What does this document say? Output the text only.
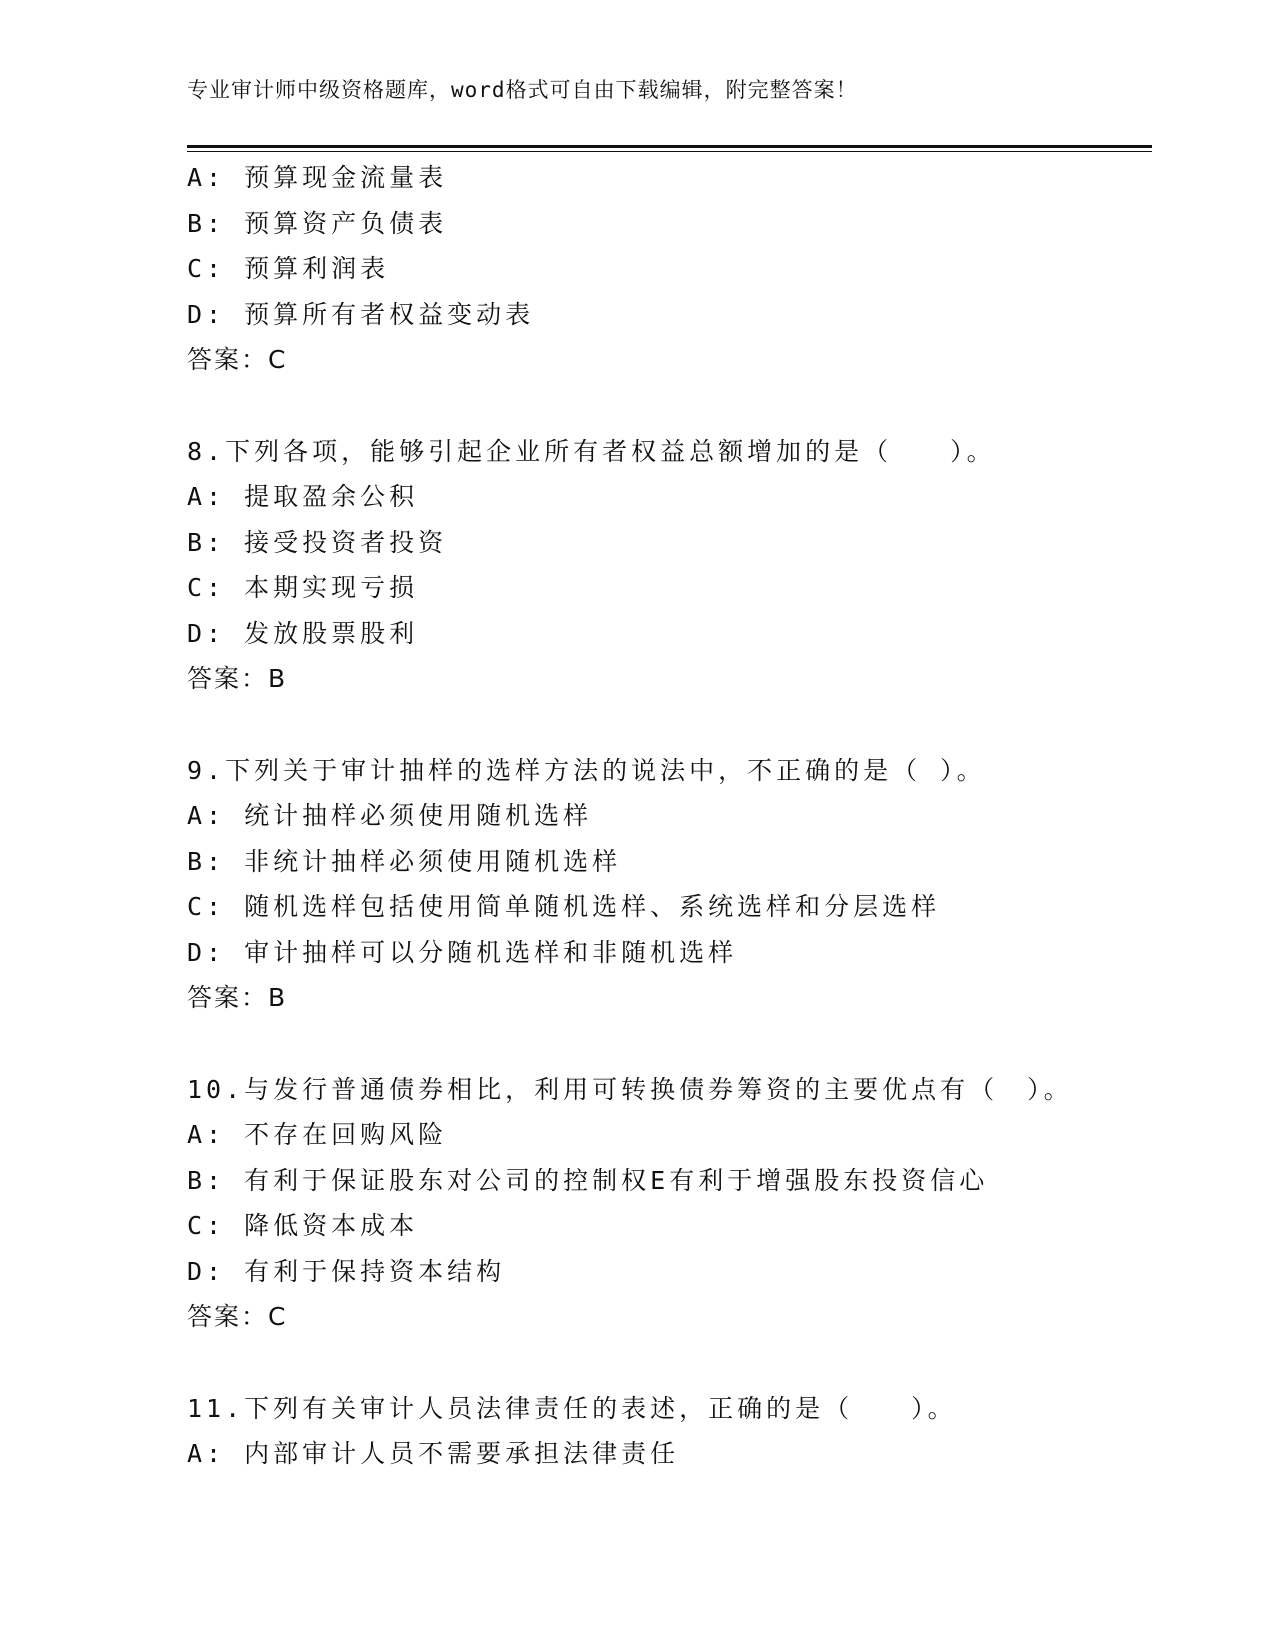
专业审计师中级资格题库，word格式可自由下载编辑，附完整答案！
A: 预算现金流量表
B: 预算资产负债表
C: 预算利润表
D: 预算所有者权益变动表
答案：C
8.下列各项，能够引起企业所有者权益总额增加的是（　　）。
A: 提取盈余公积
B: 接受投资者投资
C: 本期实现亏损
D: 发放股票股利
答案：B
9.下列关于审计抽样的选样方法的说法中，不正确的是（ ）。
A: 统计抽样必须使用随机选样
B: 非统计抽样必须使用随机选样
C: 随机选样包括使用简单随机选样、系统选样和分层选样
D: 审计抽样可以分随机选样和非随机选样
答案：B
10.与发行普通债券相比，利用可转换债券筹资的主要优点有（　）。
A: 不存在回购风险
B: 有利于保证股东对公司的控制权E有利于增强股东投资信心
C: 降低资本成本
D: 有利于保持资本结构
答案：C
11.下列有关审计人员法律责任的表述，正确的是（　　）。
A: 内部审计人员不需要承担法律责任
